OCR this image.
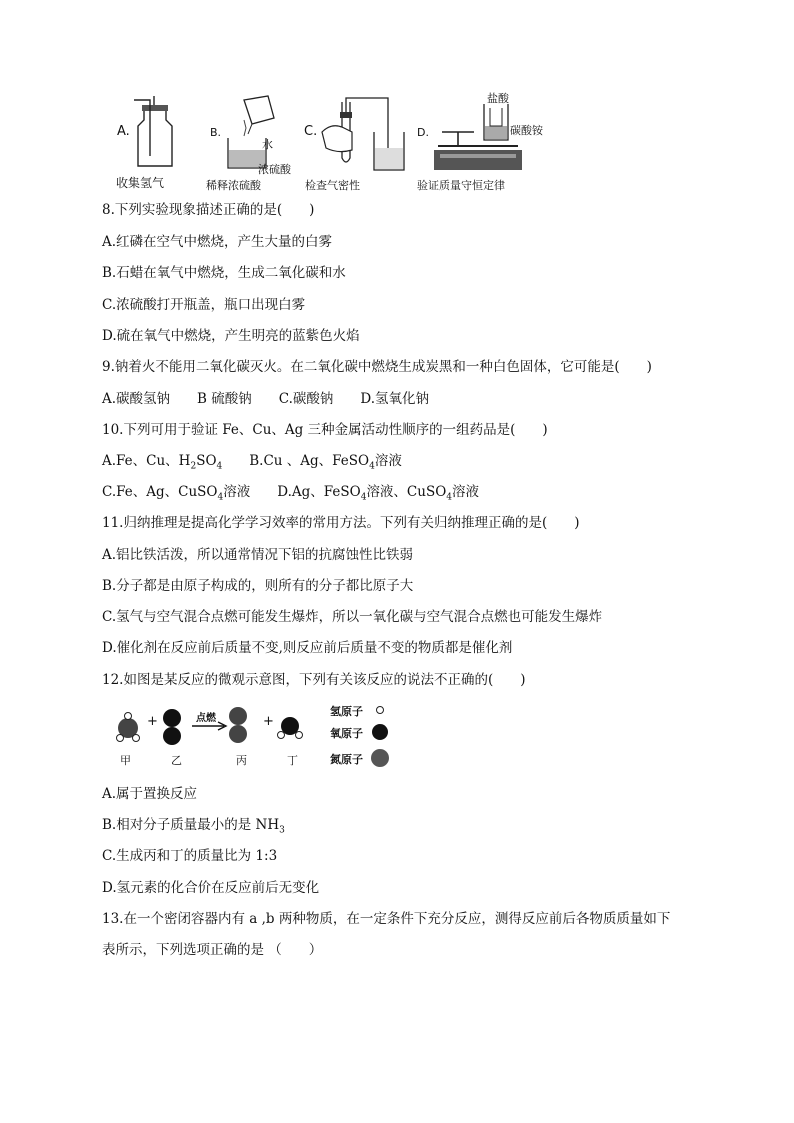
A.
收集氢气
B.
水
浓硫酸
稀释浓硫酸
C.
检查气密性
D.
盐酸
碳酸铵
验证质量守恒定律
8.下列实验现象描述正确的是(　　)
A.红磷在空气中燃烧，产生大量的白雾
B.石蜡在氧气中燃烧，生成二氧化碳和水
C.浓硫酸打开瓶盖，瓶口出现白雾
D.硫在氧气中燃烧，产生明亮的蓝紫色火焰
9.钠着火不能用二氧化碳灭火。在二氧化碳中燃烧生成炭黑和一种白色固体，它可能是(　　)
A.碳酸氢钠　　B 硫酸钠　　C.碳酸钠　　D.氢氧化钠
10.下列可用于验证 Fe、Cu、Ag 三种金属活动性顺序的一组药品是(　　)
A.Fe、Cu、$H_2SO_4$　　B.Cu 、Ag、FeSO$_4$溶液
C.Fe、Ag、CuSO$_4$溶液　　D.Ag、FeSO$_4$溶液、CuSO$_4$溶液
11.归纳推理是提高化学学习效率的常用方法。下列有关归纳推理正确的是(　　)
A.铝比铁活泼，所以通常情况下铝的抗腐蚀性比铁弱
B.分子都是由原子构成的，则所有的分子都比原子大
C.氢气与空气混合点燃可能发生爆炸，所以一氧化碳与空气混合点燃也可能发生爆炸
D.催化剂在反应前后质量不变,则反应前后质量不变的物质都是催化剂
12.如图是某反应的微观示意图，下列有关该反应的说法不正确的(　　)
+	+
点燃
甲	乙	丙	丁
氢原子
氧原子
氮原子
A.属于置换反应
B.相对分子质量最小的是 $NH_3$
C.生成丙和丁的质量比为 1:3
D.氢元素的化合价在反应前后无变化
13.在一个密闭容器内有 a ,b 两种物质，在一定条件下充分反应，测得反应前后各物质质量如下
表所示，下列选项正确的是 （　　）
